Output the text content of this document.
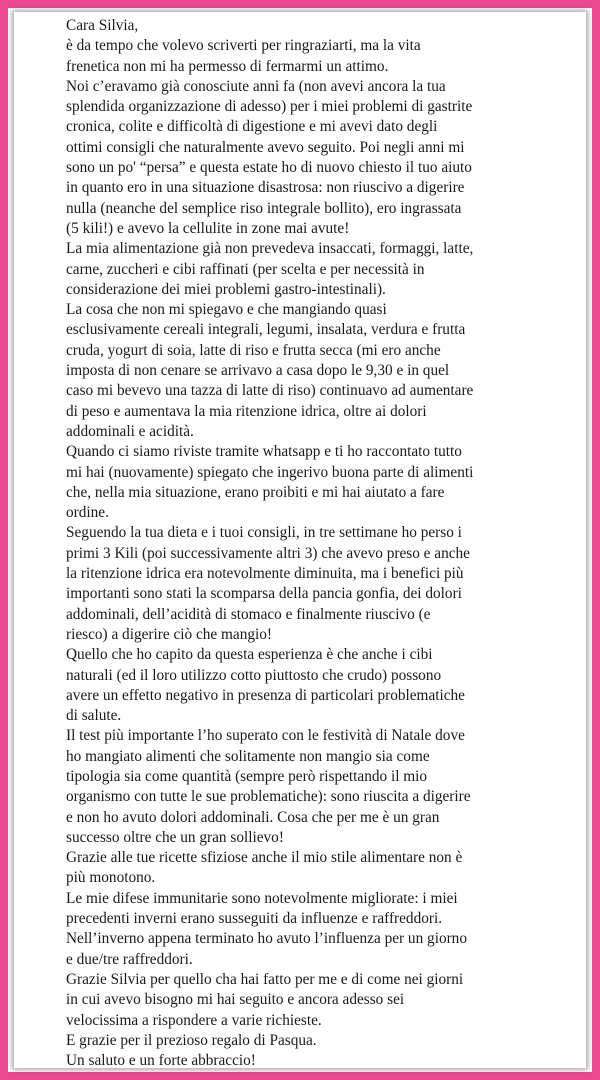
Cara Silvia,
è da tempo che volevo scriverti per ringraziarti, ma la vita
frenetica non mi ha permesso di fermarmi un attimo.
Noi c’eravamo già conosciute anni fa (non avevi ancora la tua
splendida organizzazione di adesso) per i miei problemi di gastrite
cronica, colite e difficoltà di digestione e mi avevi dato degli
ottimi consigli che naturalmente avevo seguito. Poi negli anni mi
sono un po' “persa” e questa estate ho di nuovo chiesto il tuo aiuto
in quanto ero in una situazione disastrosa: non riuscivo a digerire
nulla (neanche del semplice riso integrale bollito), ero ingrassata
(5 kili!) e avevo la cellulite in zone mai avute!
La mia alimentazione già non prevedeva insaccati, formaggi, latte,
carne, zuccheri e cibi raffinati (per scelta e per necessità in
considerazione dei miei problemi gastro-intestinali).
La cosa che non mi spiegavo e che mangiando quasi
esclusivamente cereali integrali, legumi, insalata, verdura e frutta
cruda, yogurt di soia, latte di riso e frutta secca (mi ero anche
imposta di non cenare se arrivavo a casa dopo le 9,30 e in quel
caso mi bevevo una tazza di latte di riso) continuavo ad aumentare
di peso e aumentava la mia ritenzione idrica, oltre ai dolori
addominali e acidità.
Quando ci siamo riviste tramite whatsapp e ti ho raccontato tutto
mi hai (nuovamente) spiegato che ingerivo buona parte di alimenti
che, nella mia situazione, erano proibiti e mi hai aiutato a fare
ordine.
Seguendo la tua dieta e i tuoi consigli, in tre settimane ho perso i
primi 3 Kili (poi successivamente altri 3) che avevo preso e anche
la ritenzione idrica era notevolmente diminuita, ma i benefici più
importanti sono stati la scomparsa della pancia gonfia, dei dolori
addominali, dell’acidità di stomaco e finalmente riuscivo (e
riesco) a digerire ciò che mangio!
Quello che ho capito da questa esperienza è che anche i cibi
naturali (ed il loro utilizzo cotto piuttosto che crudo) possono
avere un effetto negativo in presenza di particolari problematiche
di salute.
Il test più importante l’ho superato con le festività di Natale dove
ho mangiato alimenti che solitamente non mangio sia come
tipologia sia come quantità (sempre però rispettando il mio
organismo con tutte le sue problematiche): sono riuscita a digerire
e non ho avuto dolori addominali. Cosa che per me è un gran
successo oltre che un gran sollievo!
Grazie alle tue ricette sfiziose anche il mio stile alimentare non è
più monotono.
Le mie difese immunitarie sono notevolmente migliorate: i miei
precedenti inverni erano susseguiti da influenze e raffreddori.
Nell’inverno appena terminato ho avuto l’influenza per un giorno
e due/tre raffreddori.
Grazie Silvia per quello cha hai fatto per me e di come nei giorni
in cui avevo bisogno mi hai seguito e ancora adesso sei
velocissima a rispondere a varie richieste.
E grazie per il prezioso regalo di Pasqua.
Un saluto e un forte abbraccio!
